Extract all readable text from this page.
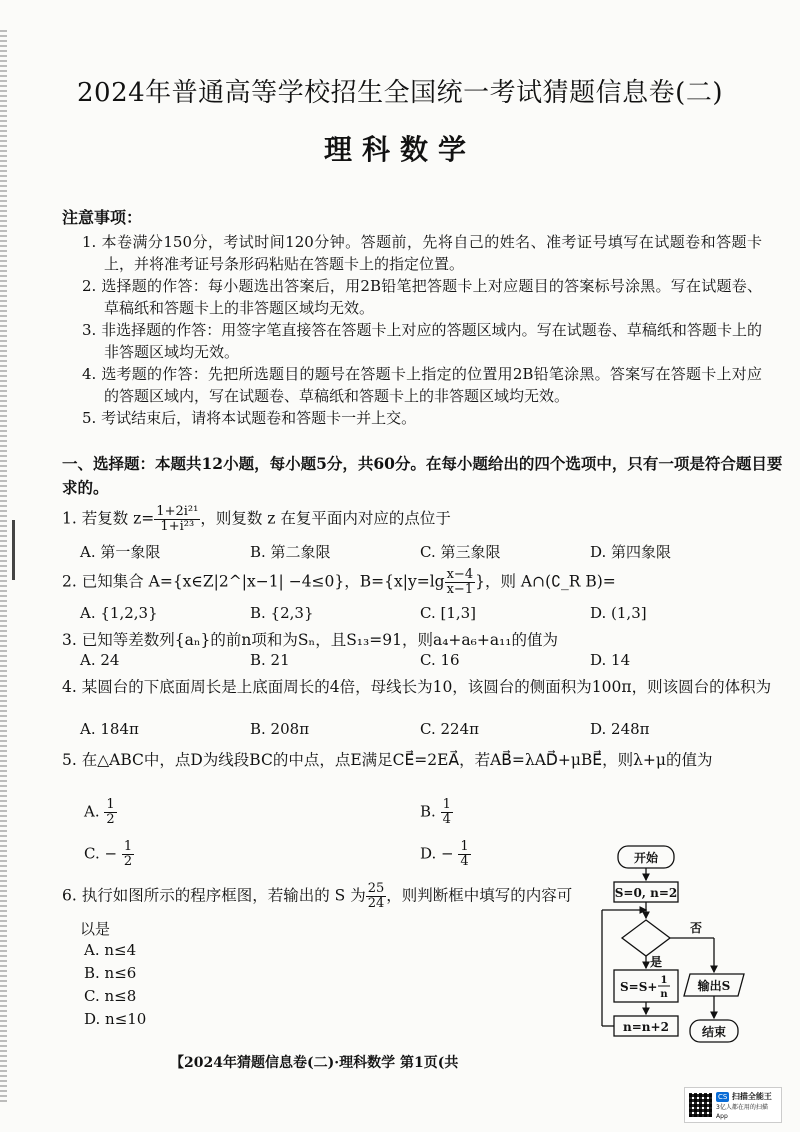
2024年普通高等学校招生全国统一考试猜题信息卷(二)
理科数学
注意事项：
1. 本卷满分150分，考试时间120分钟。答题前，先将自己的姓名、准考证号填写在试题卷和答题卡上，并将准考证号条形码粘贴在答题卡上的指定位置。
2. 选择题的作答：每小题选出答案后，用2B铅笔把答题卡上对应题目的答案标号涂黑。写在试题卷、草稿纸和答题卡上的非答题区域均无效。
3. 非选择题的作答：用签字笔直接答在答题卡上对应的答题区域内。写在试题卷、草稿纸和答题卡上的非答题区域均无效。
4. 选考题的作答：先把所选题目的题号在答题卡上指定的位置用2B铅笔涂黑。答案写在答题卡上对应的答题区域内，写在试题卷、草稿纸和答题卡上的非答题区域均无效。
5. 考试结束后，请将本试题卷和答题卡一并上交。
一、选择题：本题共12小题，每小题5分，共60分。在每小题给出的四个选项中，只有一项是符合题目要求的。
1. 若复数 $z= \frac{\text{1+2i²¹}}{\text{1+i²³}}$ ，则复数 z 在复平面内对应的点位于
A. 第一象限	B. 第二象限	C. 第三象限	D. 第四象限
2. 已知集合 A={x∈Z|2^|x−1| −4≤0}，$B=\{x|y=\lg \frac{x-4}{x-1}$ }，则 A∩(∁_R B)=
A. {1,2,3}	B. {2,3}	C. [1,3]	D. (1,3]
3. 已知等差数列{aₙ}的前n项和为Sₙ，且S₁₃=91，则a₄+a₆+a₁₁的值为
A. 24	B. 21	C. 16	D. 14
4. 某圆台的下底面周长是上底面周长的4倍，母线长为10，该圆台的侧面积为100π，则该圆台的体积为
A. 184π	B. 208π	C. 224π	D. 248π
5. 在△ABC中，点D为线段BC的中点，点E满足CE⃗=2EA⃗，若AB⃗=λAD⃗+μBE⃗，则λ+μ的值为
A. $\frac{1}{2}$	B. $\frac{1}{4}$
C. − $\frac{1}{2}$	D. − $\frac{1}{4}$
6. 执行如图所示的程序框图，若输出的 S 为 $\frac{25}{24}$ ，则判断框中填写的内容可
以是
A. n≤4
B. n≤6
C. n≤8
D. n≤10
开始
S=0, n=2
否
是
S=S+ 1
n
输出S
n=n+2	结束
【2024年猜题信息卷(二)·理科数学 第1页(共
CS 扫描全能王
3亿人都在用的扫描App
